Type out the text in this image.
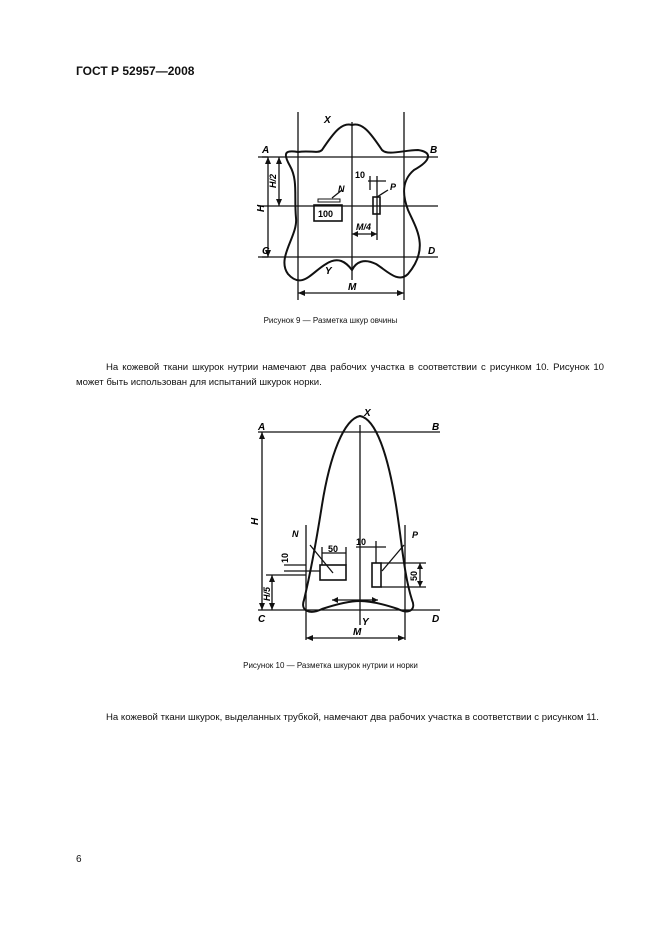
ГОСТ Р 52957—2008
X
A	B
C	D
Y
M
H
H/2
M/4
N	P
100
10
Рисунок 9 — Разметка шкур овчины
На кожевой ткани шкурок нутрии намечают два рабочих участка в соответствии с рисунком 10. Рисунок 10 может быть использован для испытаний шкурок норки.
X
A	B
C	D
Y
M
H
H/5
N	P
50
10
10
50
Рисунок 10 — Разметка шкурок нутрии и норки
На кожевой ткани шкурок, выделанных трубкой, намечают два рабочих участка в соответствии с рисунком 11.
6
